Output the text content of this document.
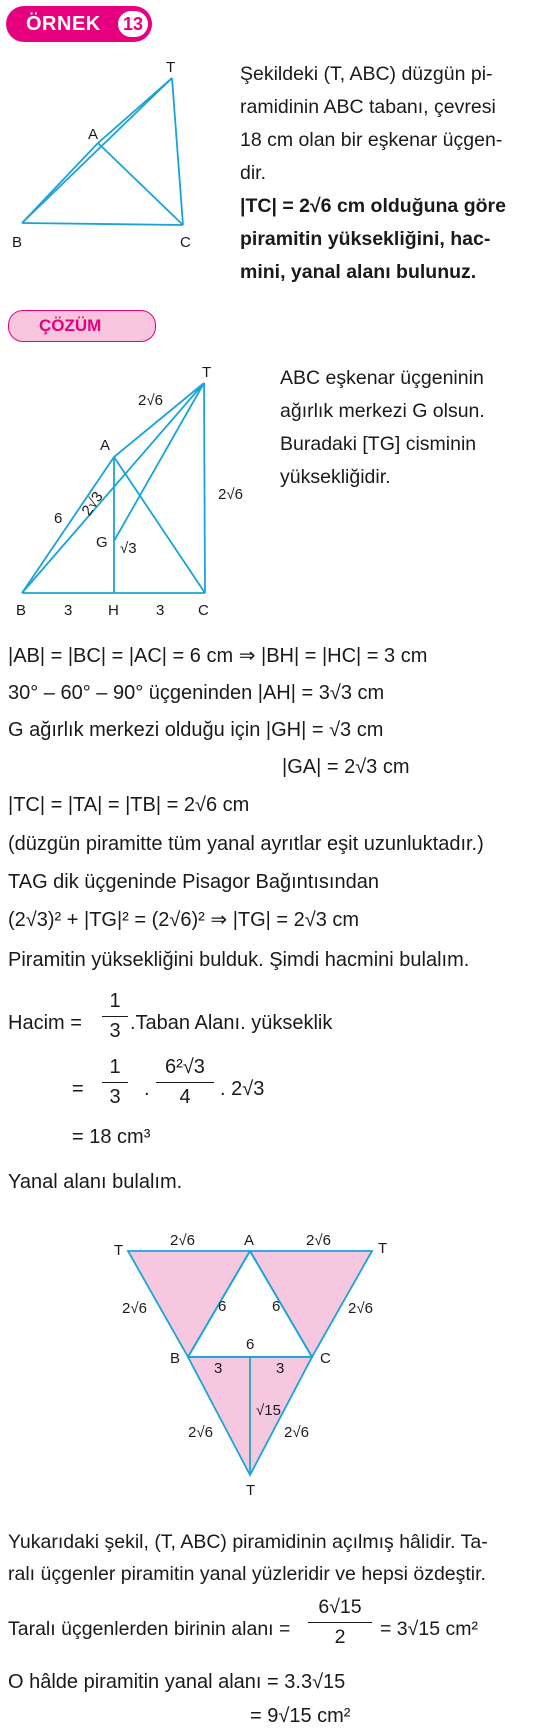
ÖRNEK 13
T
A
B	C
Şekildeki (T, ABC) düzgün pi-
ramidinin ABC tabanı, çevresi
18 cm olan bir eşkenar üçgen-
dir.
|TC| = 2√6 cm olduğuna göre
piramitin yüksekliğini, hac-
mini, yanal alanı bulunuz.
ÇÖZÜM
T
A
B	C
H
G
2√6
2√6
6 2√3
√3
3	3
ABC eşkenar üçgeninin
ağırlık merkezi G olsun.
Buradaki [TG] cisminin
yüksekliğidir.
|AB| = |BC| = |AC| = 6 cm ⇒ |BH| = |HC| = 3 cm
30° – 60° – 90° üçgeninden |AH| = 3√3 cm
G ağırlık merkezi olduğu için |GH| = √3 cm
|GA| = 2√3 cm
|TC| = |TA| = |TB| = 2√6 cm
(düzgün piramitte tüm yanal ayrıtlar eşit uzunluktadır.)
TAG dik üçgeninde Pisagor Bağıntısından
(2√3)² + |TG|² = (2√6)² ⇒ |TG| = 2√3 cm
Piramitin yüksekliğini bulduk. Şimdi hacmini bulalım.
Hacim =
1
3 .Taban Alanı. yükseklik
=
1
3	.
6²√3
4	. 2√3
= 18 cm³
Yanal alanı bulalım.
T	T
T
A
B	C
2√6	2√6
2√6	2√6
6	6
6
3	3
√15
2√6	2√6
Yukarıdaki şekil, (T, ABC) piramidinin açılmış hâlidir. Ta-
ralı üçgenler piramitin yanal yüzleridir ve hepsi özdeştir.
Taralı üçgenlerden birinin alanı =
6√15
2	= 3√15 cm²
O hâlde piramitin yanal alanı = 3.3√15
= 9√15 cm²
